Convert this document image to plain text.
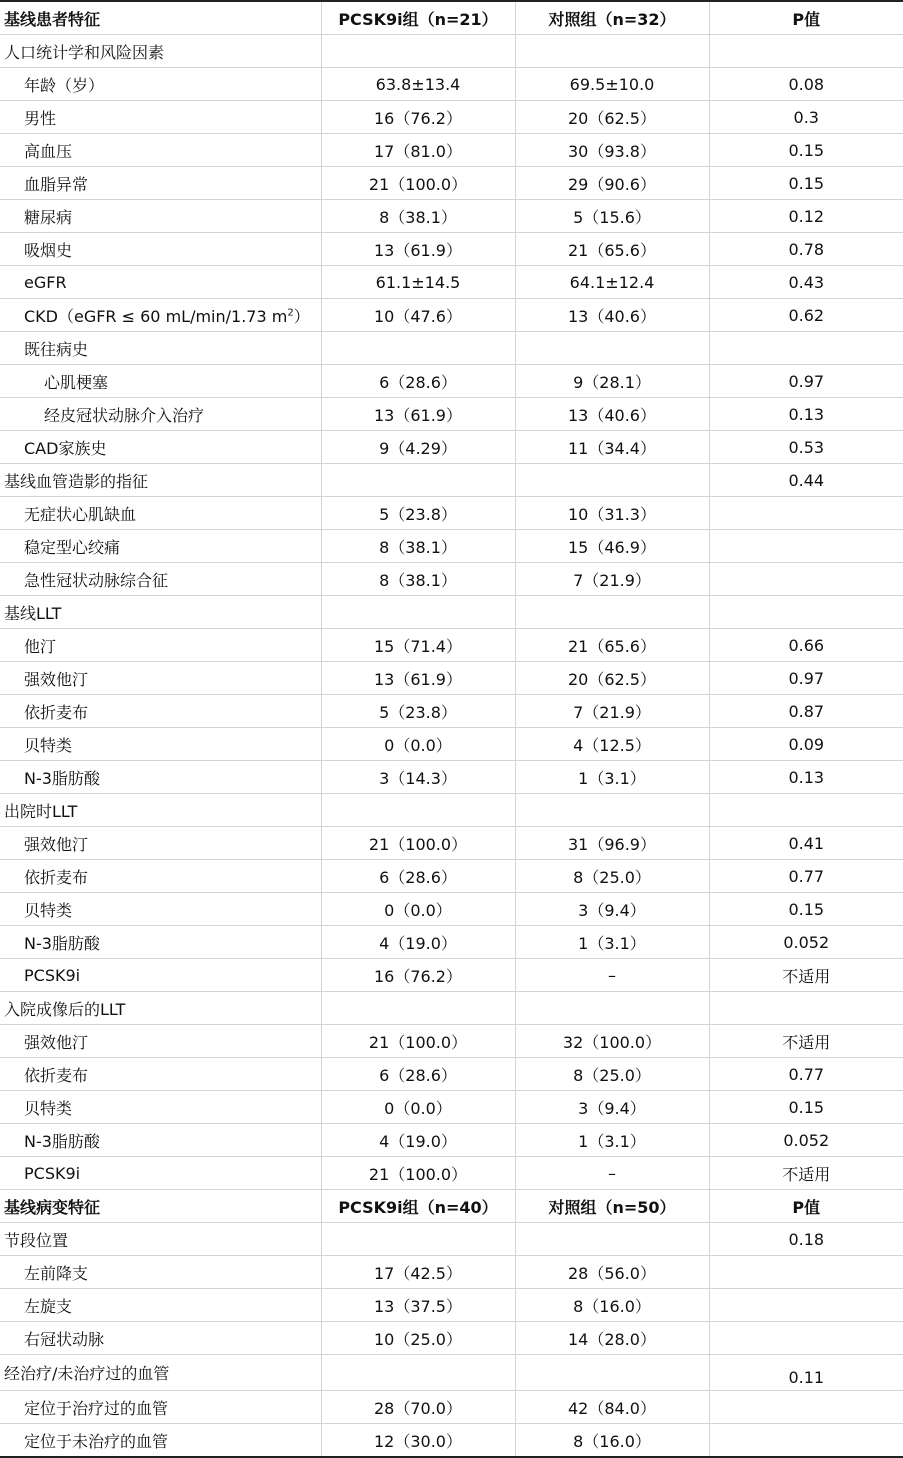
基线患者特征	PCSK9i组（n=21）	对照组（n=32）	P值
人口统计学和风险因素			
年龄（岁）	63.8±13.4	69.5±10.0	0.08
男性	16（76.2）	20（62.5）	0.3
高血压	17（81.0）	30（93.8）	0.15
血脂异常	21（100.0）	29（90.6）	0.15
糖尿病	8（38.1）	5（15.6）	0.12
吸烟史	13（61.9）	21（65.6）	0.78
eGFR	61.1±14.5	64.1±12.4	0.43
CKD（eGFR ≤ 60 mL/min/1.73 $m^2$）	10（47.6）	13（40.6）	0.62
既往病史			
心肌梗塞	6（28.6）	9（28.1）	0.97
经皮冠状动脉介入治疗	13（61.9）	13（40.6）	0.13
CAD家族史	9（4.29）	11（34.4）	0.53
基线血管造影的指征			0.44
无症状心肌缺血	5（23.8）	10（31.3）	
稳定型心绞痛	8（38.1）	15（46.9）	
急性冠状动脉综合征	8（38.1）	7（21.9）	
基线LLT			
他汀	15（71.4）	21（65.6）	0.66
强效他汀	13（61.9）	20（62.5）	0.97
依折麦布	5（23.8）	7（21.9）	0.87
贝特类	0（0.0）	4（12.5）	0.09
N-3脂肪酸	3（14.3）	1（3.1）	0.13
出院时LLT			
强效他汀	21（100.0）	31（96.9）	0.41
依折麦布	6（28.6）	8（25.0）	0.77
贝特类	0（0.0）	3（9.4）	0.15
N-3脂肪酸	4（19.0）	1（3.1）	0.052
PCSK9i	16（76.2）	–	不适用
入院成像后的LLT			
强效他汀	21（100.0）	32（100.0）	不适用
依折麦布	6（28.6）	8（25.0）	0.77
贝特类	0（0.0）	3（9.4）	0.15
N-3脂肪酸	4（19.0）	1（3.1）	0.052
PCSK9i	21（100.0）	–	不适用
基线病变特征	PCSK9i组（n=40）	对照组（n=50）	P值
节段位置			0.18
左前降支	17（42.5）	28（56.0）	
左旋支	13（37.5）	8（16.0）	
右冠状动脉	10（25.0）	14（28.0）	
经治疗/未治疗过的血管			0.11
定位于治疗过的血管	28（70.0）	42（84.0）	
定位于未治疗的血管	12（30.0）	8（16.0）	
